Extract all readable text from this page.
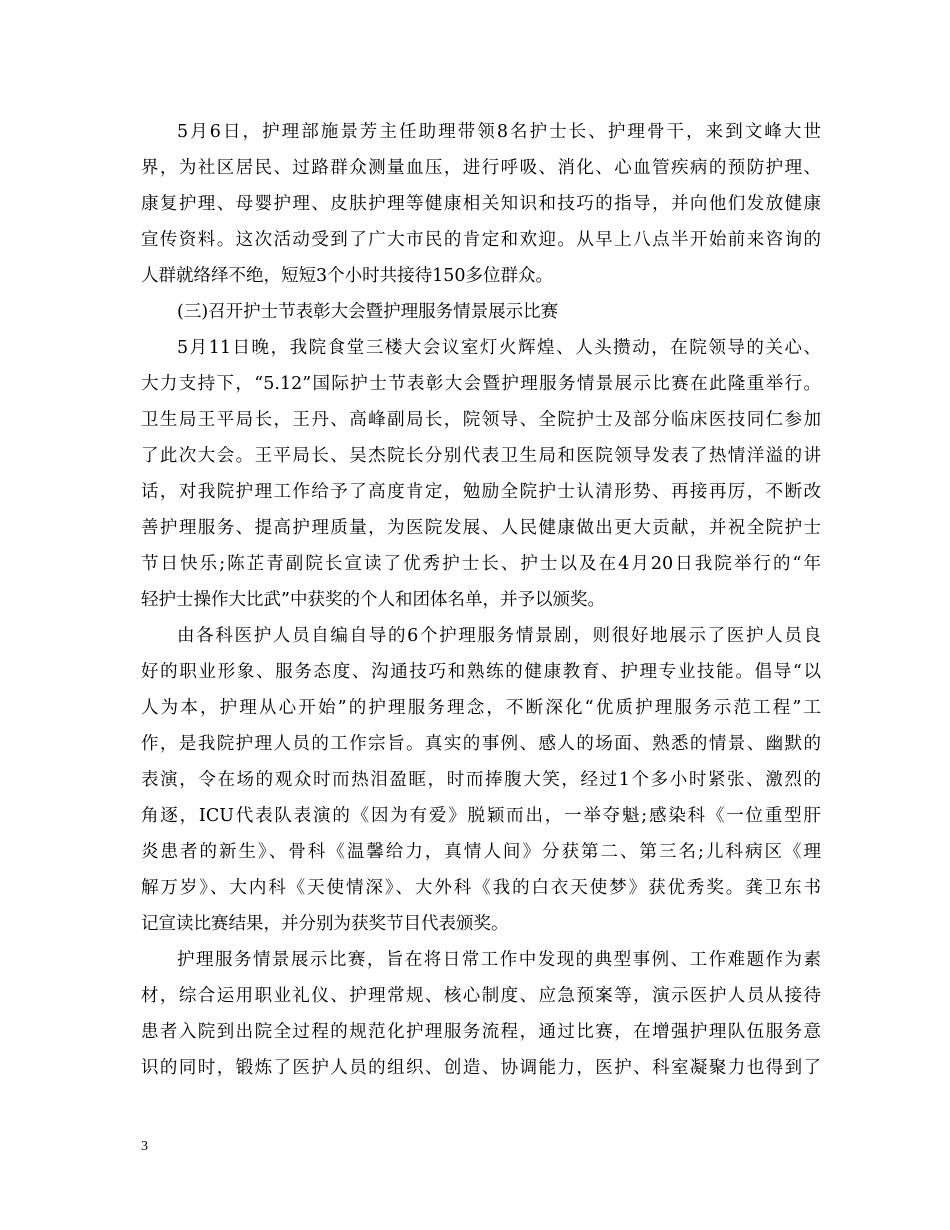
5月6日，护理部施景芳主任助理带领8名护士长、护理骨干，来到文峰大世
界，为社区居民、过路群众测量血压，进行呼吸、消化、心血管疾病的预防护理、
康复护理、母婴护理、皮肤护理等健康相关知识和技巧的指导，并向他们发放健康
宣传资料。这次活动受到了广大市民的肯定和欢迎。从早上八点半开始前来咨询的
人群就络绎不绝，短短3个小时共接待150多位群众。
(三)召开护士节表彰大会暨护理服务情景展示比赛
5月11日晚，我院食堂三楼大会议室灯火辉煌、人头攒动，在院领导的关心、
大力支持下，“5.12”国际护士节表彰大会暨护理服务情景展示比赛在此隆重举行。
卫生局王平局长，王丹、高峰副局长，院领导、全院护士及部分临床医技同仁参加
了此次大会。王平局长、吴杰院长分别代表卫生局和医院领导发表了热情洋溢的讲
话，对我院护理工作给予了高度肯定，勉励全院护士认清形势、再接再厉，不断改
善护理服务、提高护理质量，为医院发展、人民健康做出更大贡献，并祝全院护士
节日快乐;陈芷青副院长宣读了优秀护士长、护士以及在4月20日我院举行的“年
轻护士操作大比武”中获奖的个人和团体名单，并予以颁奖。
由各科医护人员自编自导的6个护理服务情景剧，则很好地展示了医护人员良
好的职业形象、服务态度、沟通技巧和熟练的健康教育、护理专业技能。倡导“以
人为本，护理从心开始”的护理服务理念，不断深化“优质护理服务示范工程”工
作，是我院护理人员的工作宗旨。真实的事例、感人的场面、熟悉的情景、幽默的
表演，令在场的观众时而热泪盈眶，时而捧腹大笑，经过1个多小时紧张、激烈的
角逐，ICU代表队表演的《因为有爱》脱颖而出，一举夺魁;感染科《一位重型肝
炎患者的新生》、骨科《温馨给力，真情人间》分获第二、第三名;儿科病区《理
解万岁》、大内科《天使情深》、大外科《我的白衣天使梦》获优秀奖。龚卫东书
记宣读比赛结果，并分别为获奖节目代表颁奖。
护理服务情景展示比赛，旨在将日常工作中发现的典型事例、工作难题作为素
材，综合运用职业礼仪、护理常规、核心制度、应急预案等，演示医护人员从接待
患者入院到出院全过程的规范化护理服务流程，通过比赛，在增强护理队伍服务意
识的同时，锻炼了医护人员的组织、创造、协调能力，医护、科室凝聚力也得到了
3
